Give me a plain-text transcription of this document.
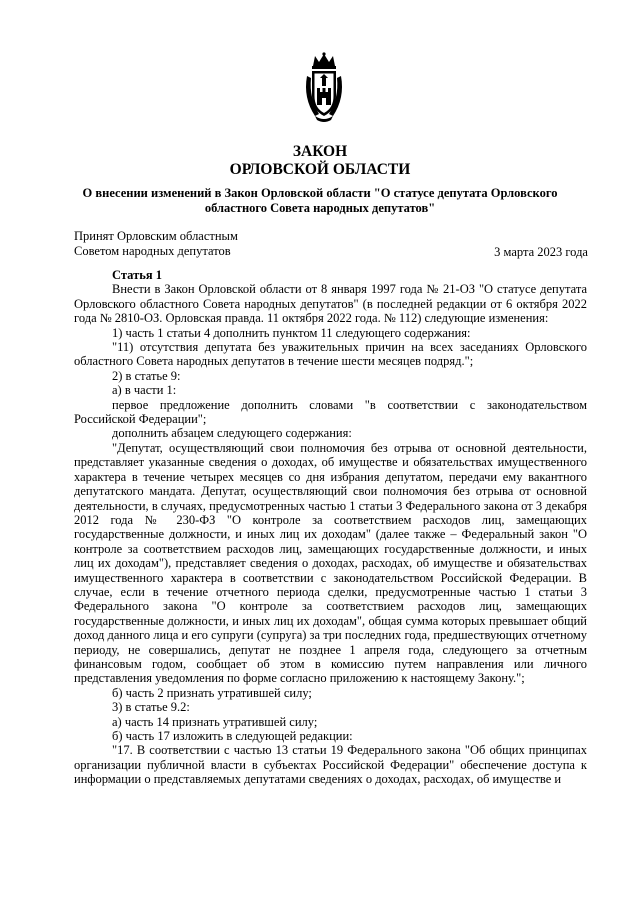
ЗАКОН
ОРЛОВСКОЙ ОБЛАСТИ

О внесении изменений в Закон Орловской области "О статусе депутата Орловского областного Совета народных депутатов"

Принят Орловским областным
Советом народных депутатов	3 марта 2023 года

Статья 1

Внести в Закон Орловской области от 8 января 1997 года № 21-ОЗ "О статусе депутата Орловского областного Совета народных депутатов" (в последней редакции от 6 октября 2022 года № 2810-ОЗ. Орловская правда. 11 октября 2022 года. № 112) следующие изменения:

1) часть 1 статьи 4 дополнить пунктом 11 следующего содержания:

"11) отсутствия депутата без уважительных причин на всех заседаниях Орловского областного Совета народных депутатов в течение шести месяцев подряд.";

2) в статье 9:

а) в части 1:

первое предложение дополнить словами "в соответствии с законодательством Российской Федерации";

дополнить абзацем следующего содержания:

"Депутат, осуществляющий свои полномочия без отрыва от основной деятельности, представляет указанные сведения о доходах, об имуществе и обязательствах имущественного характера в течение четырех месяцев со дня избрания депутатом, передачи ему вакантного депутатского мандата. Депутат, осуществляющий свои полномочия без отрыва от основной деятельности, в случаях, предусмотренных частью 1 статьи 3 Федерального закона от 3 декабря 2012 года № 230-ФЗ "О контроле за соответствием расходов лиц, замещающих государственные должности, и иных лиц их доходам" (далее также – Федеральный закон "О контроле за соответствием расходов лиц, замещающих государственные должности, и иных лиц их доходам"), представляет сведения о доходах, расходах, об имуществе и обязательствах имущественного характера в соответствии с законодательством Российской Федерации. В случае, если в течение отчетного периода сделки, предусмотренные частью 1 статьи 3 Федерального закона "О контроле за соответствием расходов лиц, замещающих государственные должности, и иных лиц их доходам", общая сумма которых превышает общий доход данного лица и его супруги (супруга) за три последних года, предшествующих отчетному периоду, не совершались, депутат не позднее 1 апреля года, следующего за отчетным финансовым годом, сообщает об этом в комиссию путем направления или личного представления уведомления по форме согласно приложению к настоящему Закону.";

б) часть 2 признать утратившей силу;

3) в статье 9.2:

а) часть 14 признать утратившей силу;

б) часть 17 изложить в следующей редакции:

"17. В соответствии с частью 13 статьи 19 Федерального закона "Об общих принципах организации публичной власти в субъектах Российской Федерации" обеспечение доступа к информации о представляемых депутатами сведениях о доходах, расходах, об имуществе и
